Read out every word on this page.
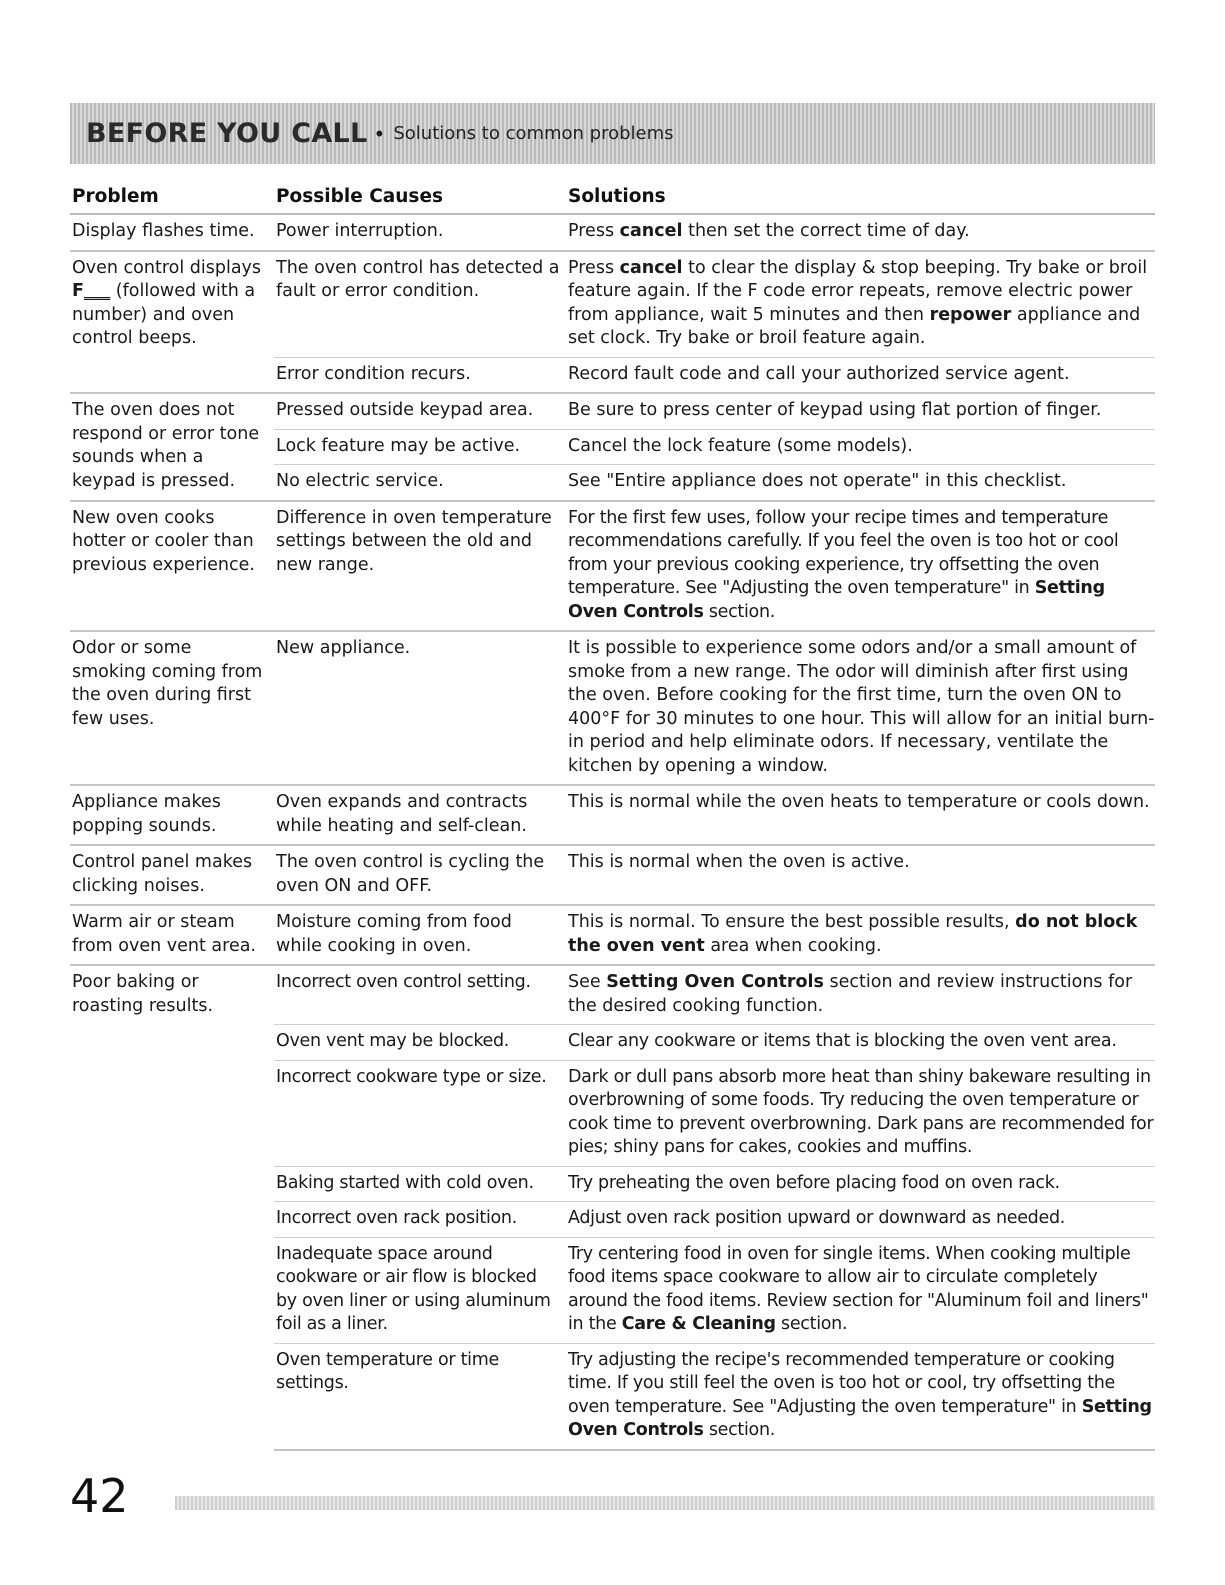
BEFORE YOU CALL • Solutions to common problems
Problem	Possible Causes	Solutions
Display flashes time.	Power interruption.	Press cancel then set the correct time of day.
Oven control displays F___ (followed with a number) and oven control beeps.	The oven control has detected a fault or error condition.	Press cancel to clear the display & stop beeping. Try bake or broil feature again. If the F code error repeats, remove electric power from appliance, wait 5 minutes and then repower appliance and set clock. Try bake or broil feature again.
	Error condition recurs.	Record fault code and call your authorized service agent.
The oven does not respond or error tone sounds when a keypad is pressed.	Pressed outside keypad area.	Be sure to press center of keypad using flat portion of finger.
	Lock feature may be active.	Cancel the lock feature (some models).
	No electric service.	See "Entire appliance does not operate" in this checklist.
New oven cooks hotter or cooler than previous experience.	Difference in oven temperature settings between the old and new range.	For the first few uses, follow your recipe times and temperature recommendations carefully. If you feel the oven is too hot or cool from your previous cooking experience, try offsetting the oven temperature. See "Adjusting the oven temperature" in Setting Oven Controls section.
Odor or some smoking coming from the oven during first few uses.	New appliance.	It is possible to experience some odors and/or a small amount of smoke from a new range. The odor will diminish after first using the oven. Before cooking for the first time, turn the oven ON to 400°F for 30 minutes to one hour. This will allow for an initial burn-in period and help eliminate odors. If necessary, ventilate the kitchen by opening a window.
Appliance makes popping sounds.	Oven expands and contracts while heating and self-clean.	This is normal while the oven heats to temperature or cools down.
Control panel makes clicking noises.	The oven control is cycling the oven ON and OFF.	This is normal when the oven is active.
Warm air or steam from oven vent area.	Moisture coming from food while cooking in oven.	This is normal. To ensure the best possible results, do not block the oven vent area when cooking.
Poor baking or roasting results.	Incorrect oven control setting.	See Setting Oven Controls section and review instructions for the desired cooking function.
	Oven vent may be blocked.	Clear any cookware or items that is blocking the oven vent area.
	Incorrect cookware type or size.	Dark or dull pans absorb more heat than shiny bakeware resulting in overbrowning of some foods. Try reducing the oven temperature or cook time to prevent overbrowning. Dark pans are recommended for pies; shiny pans for cakes, cookies and muffins.
	Baking started with cold oven.	Try preheating the oven before placing food on oven rack.
	Incorrect oven rack position.	Adjust oven rack position upward or downward as needed.
	Inadequate space around cookware or air flow is blocked by oven liner or using aluminum foil as a liner.	Try centering food in oven for single items. When cooking multiple food items space cookware to allow air to circulate completely around the food items. Review section for "Aluminum foil and liners" in the Care & Cleaning section.
	Oven temperature or time settings.	Try adjusting the recipe's recommended temperature or cooking time. If you still feel the oven is too hot or cool, try offsetting the oven temperature. See "Adjusting the oven temperature" in Setting Oven Controls section.
42
